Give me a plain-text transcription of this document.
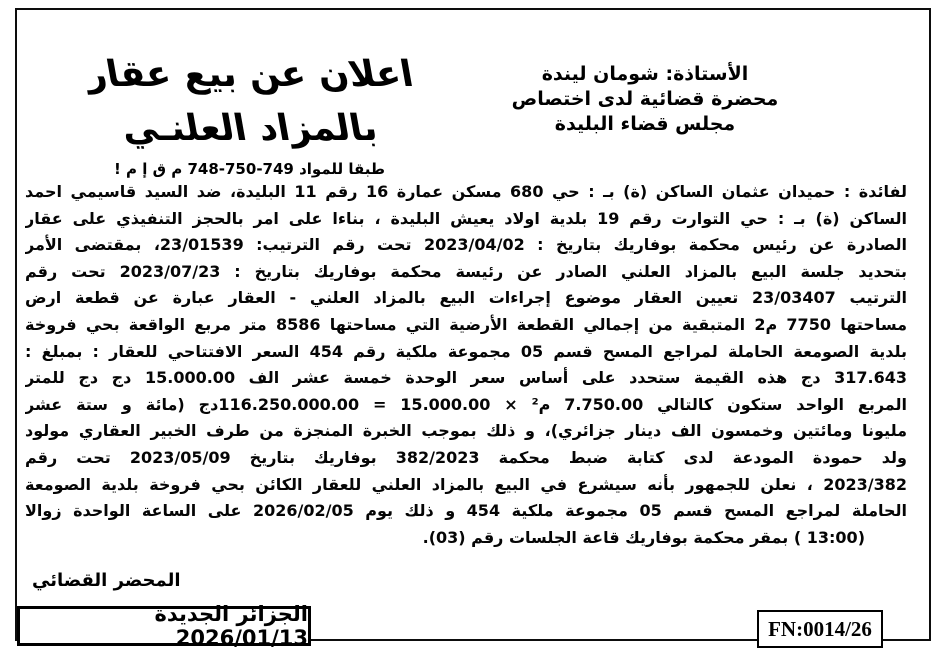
الأستاذة: شومان ليندة
محضرة قضائية لدى اختصاص
مجلس قضاء البليدة
اعلان عن بيع عقار
بالمزاد العلنـي
طبقا للمواد 749-750-748 م ق إ م !
لفائدة : حميدان عثمان الساكن (ة) بـ : حي 680 مسكن عمارة 16 رقم 11 البليدة، ضد السيد قاسيمي احمد
الساكن (ة) بـ : حي التوارت رقم 19 بلدية اولاد يعيش البليدة ، بناءا على امر بالحجز التنفيذي على عقار
الصادرة عن رئيس محكمة بوفاريك بتاريخ : 2023/04/02 تحت رقم الترتيب: 23/01539، بمقتضى الأمر
بتحديد جلسة البيع بالمزاد العلني الصادر عن رئيسة محكمة بوفاريك بتاريخ : 2023/07/23 تحت رقم
الترتيب 23/03407 تعيين العقار موضوع إجراءات البيع بالمزاد العلني - العقار عبارة عن قطعة ارض
مساحتها 7750 م2 المتبقية من إجمالي القطعة الأرضية التي مساحتها 8586 متر مربع الواقعة بحي فروخة
بلدية الصومعة الحاملة لمراجع المسح قسم 05 مجموعة ملكية رقم 454 السعر الافتتاحي للعقار : بمبلغ :
317.643 دج هذه القيمة ستحدد على أساس سعر الوحدة خمسة عشر الف 15.000.00 دج دج للمتر
المربع الواحد ستكون كالتالي 7.750.00 م² × 15.000.00 = 116.250.000.00دج (مائة و ستة عشر
مليونا ومائتين وخمسون الف دينار جزائري)، و ذلك بموجب الخبرة المنجزة من طرف الخبير العقاري مولود
ولد حمودة المودعة لدى كتابة ضبط محكمة 382/2023 بوفاريك بتاريخ 2023/05/09 تحت رقم
2023/382 ، نعلن للجمهور بأنه سيشرع في البيع بالمزاد العلني للعقار الكائن بحي فروخة بلدية الصومعة
الحاملة لمراجع المسح قسم 05 مجموعة ملكية 454 و ذلك يوم 2026/02/05 على الساعة الواحدة زوالا
(13:00 ) بمقر محكمة بوفاريك قاعة الجلسات رقم (03).
المحضر القضائي
الجزائر الجديدة 2026/01/13	FN:0014/26
